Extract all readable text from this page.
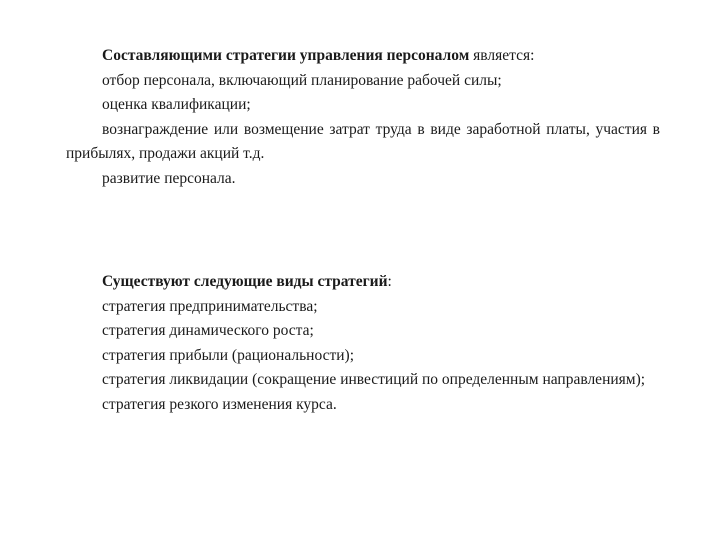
Составляющими стратегии управления персоналом является:

отбор персонала, включающий планирование рабочей силы;

оценка квалификации;

вознаграждение или возмещение затрат труда в виде заработной платы, участия в прибылях, продажи акций т.д.

развитие персонала.

Существуют следующие виды стратегий:

стратегия предпринимательства;

стратегия динамического роста;

стратегия прибыли (рациональности);

стратегия ликвидации (сокращение инвестиций по определенным направлениям);

стратегия резкого изменения курса.
